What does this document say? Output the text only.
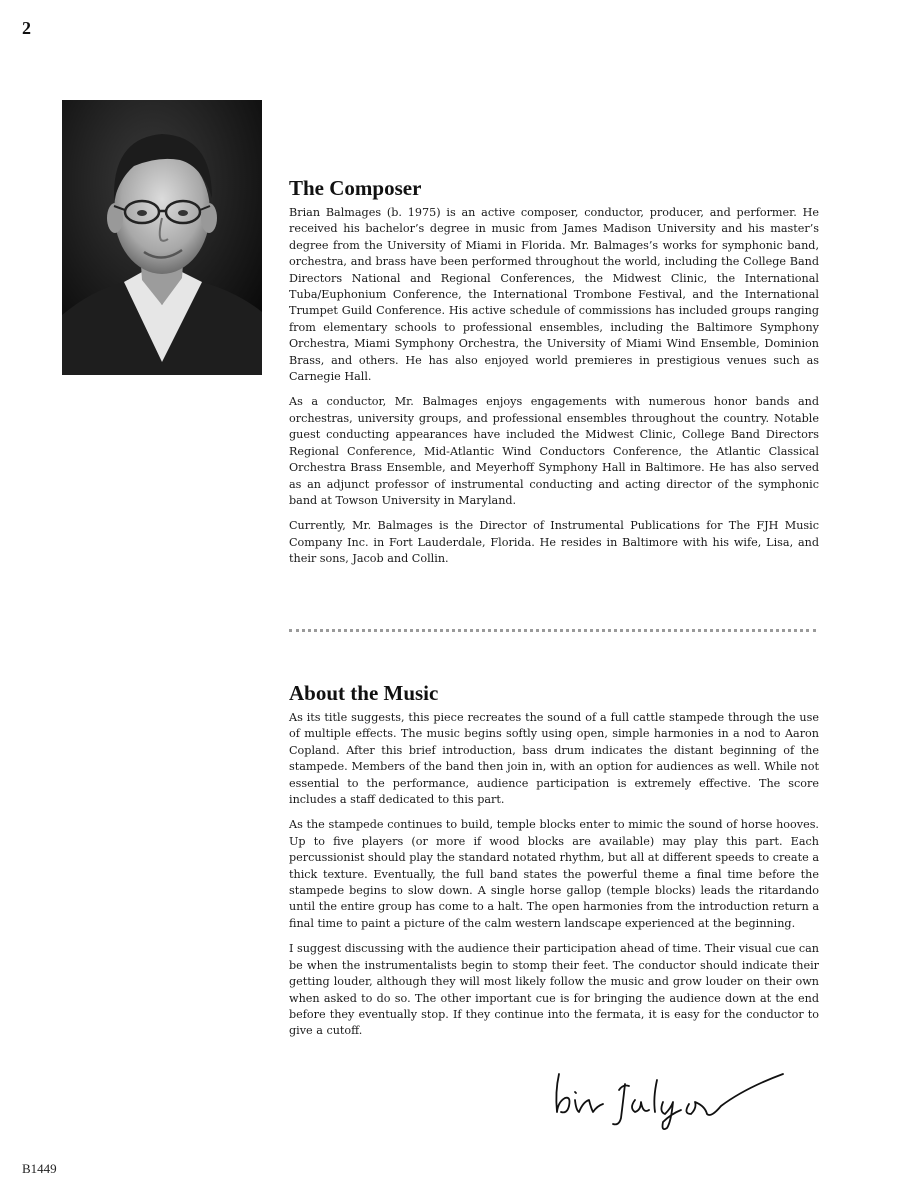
2
The Composer

Brian Balmages (b. 1975) is an active composer, conductor, producer, and performer. He received his bachelor’s degree in music from James Madison University and his master’s degree from the University of Miami in Florida. Mr. Balmages’s works for symphonic band, orchestra, and brass have been performed throughout the world, including the College Band Directors National and Regional Conferences, the Midwest Clinic, the International Tuba/Euphonium Conference, the International Trombone Festival, and the International Trumpet Guild Conference. His active schedule of commissions has included groups ranging from elementary schools to professional ensembles, including the Baltimore Symphony Orchestra, Miami Symphony Orchestra, the University of Miami Wind Ensemble, Dominion Brass, and others. He has also enjoyed world premieres in prestigious venues such as Carnegie Hall.

As a conductor, Mr. Balmages enjoys engagements with numerous honor bands and orchestras, university groups, and professional ensembles throughout the country. Notable guest conducting appearances have included the Midwest Clinic, College Band Directors Regional Conference, Mid-Atlantic Wind Conductors Conference, the Atlantic Classical Orchestra Brass Ensemble, and Meyerhoff Symphony Hall in Baltimore. He has also served as an adjunct professor of instrumental conducting and acting director of the symphonic band at Towson University in Maryland.

Currently, Mr. Balmages is the Director of Instrumental Publications for The FJH Music Company Inc. in Fort Lauderdale, Florida. He resides in Baltimore with his wife, Lisa, and their sons, Jacob and Collin.

About the Music

As its title suggests, this piece recreates the sound of a full cattle stampede through the use of multiple effects. The music begins softly using open, simple harmonies in a nod to Aaron Copland. After this brief introduction, bass drum indicates the distant beginning of the stampede. Members of the band then join in, with an option for audiences as well. While not essential to the performance, audience participation is extremely effective. The score includes a staff dedicated to this part.

As the stampede continues to build, temple blocks enter to mimic the sound of horse hooves. Up to five players (or more if wood blocks are available) may play this part. Each percussionist should play the standard notated rhythm, but all at different speeds to create a thick texture. Eventually, the full band states the powerful theme a final time before the stampede begins to slow down. A single horse gallop (temple blocks) leads the ritardando until the entire group has come to a halt. The open harmonies from the introduction return a final time to paint a picture of the calm western landscape experienced at the beginning.

I suggest discussing with the audience their participation ahead of time. Their visual cue can be when the instrumentalists begin to stomp their feet. The conductor should indicate their getting louder, although they will most likely follow the music and grow louder on their own when asked to do so. The other important cue is for bringing the audience down at the end before they eventually stop. If they continue into the fermata, it is easy for the conductor to give a cutoff.

B1449
